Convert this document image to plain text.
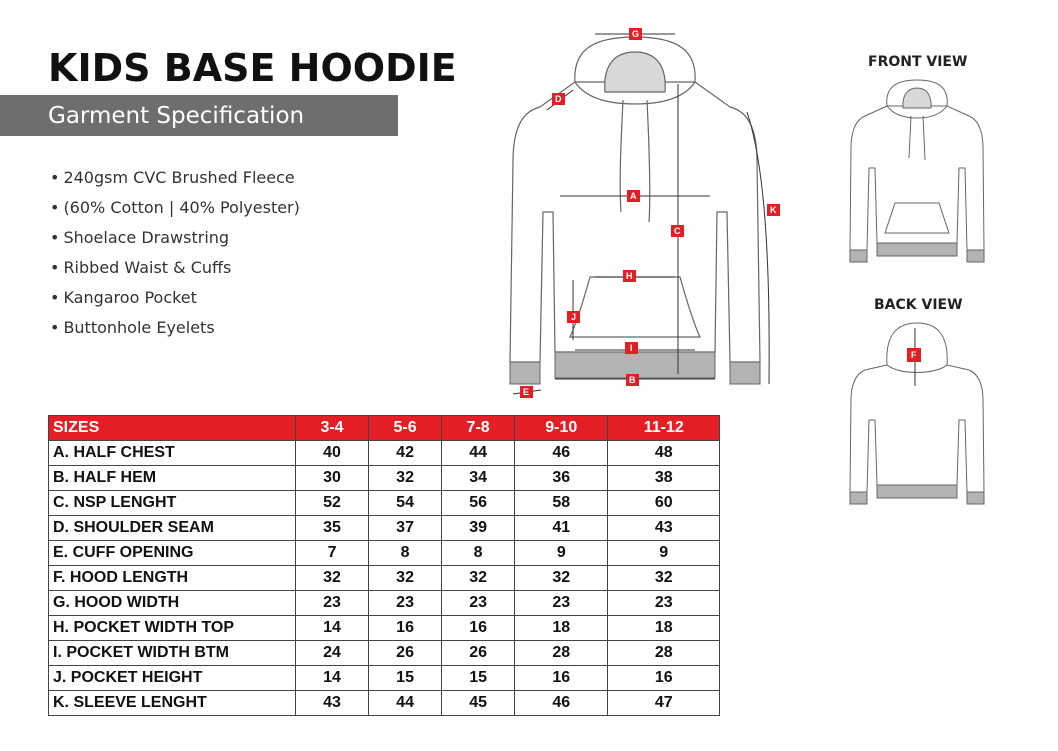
KIDS BASE HOODIE
Garment Specification
• 240gsm CVC Brushed Fleece
• (60% Cotton | 40% Polyester)
• Shoelace Drawstring
• Ribbed Waist & Cuffs
• Kangaroo Pocket
• Buttonhole Eyelets
G
D
A
C
K
H
J
I
B
E
FRONT VIEW
BACK VIEW
F
SIZES	3-4	5-6	7-8	9-10	11-12
A. HALF CHEST	40	42	44	46	48
B. HALF HEM	30	32	34	36	38
C. NSP LENGHT	52	54	56	58	60
D. SHOULDER SEAM	35	37	39	41	43
E. CUFF OPENING	7	8	8	9	9
F. HOOD LENGTH	32	32	32	32	32
G. HOOD WIDTH	23	23	23	23	23
H. POCKET WIDTH TOP	14	16	16	18	18
I. POCKET WIDTH BTM	24	26	26	28	28
J. POCKET HEIGHT	14	15	15	16	16
K. SLEEVE LENGHT	43	44	45	46	47
